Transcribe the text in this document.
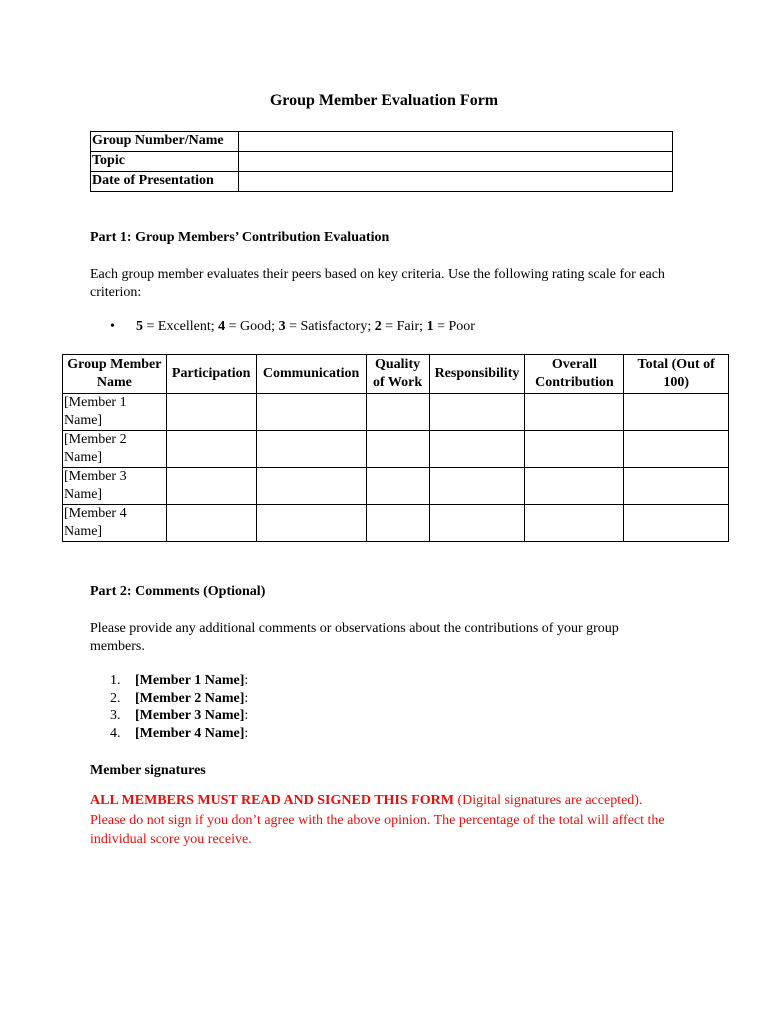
Group Member Evaluation Form
Group Number/Name	
Topic	
Date of Presentation	
Part 1: Group Members’ Contribution Evaluation
Each group member evaluates their peers based on key criteria. Use the following rating scale for each criterion:
• 5 = Excellent; 4 = Good; 3 = Satisfactory; 2 = Fair; 1 = Poor
Group Member Name	Participation	Communication	Quality of Work	Responsibility	Overall Contribution	Total (Out of 100)
[Member 1 Name]						
[Member 2 Name]						
[Member 3 Name]						
[Member 4 Name]						
Part 2: Comments (Optional)
Please provide any additional comments or observations about the contributions of your group members.
1. [Member 1 Name]:
2. [Member 2 Name]:
3. [Member 3 Name]:
4. [Member 4 Name]:
Member signatures
ALL MEMBERS MUST READ AND SIGNED THIS FORM (Digital signatures are accepted). Please do not sign if you don’t agree with the above opinion. The percentage of the total will affect the individual score you receive.
